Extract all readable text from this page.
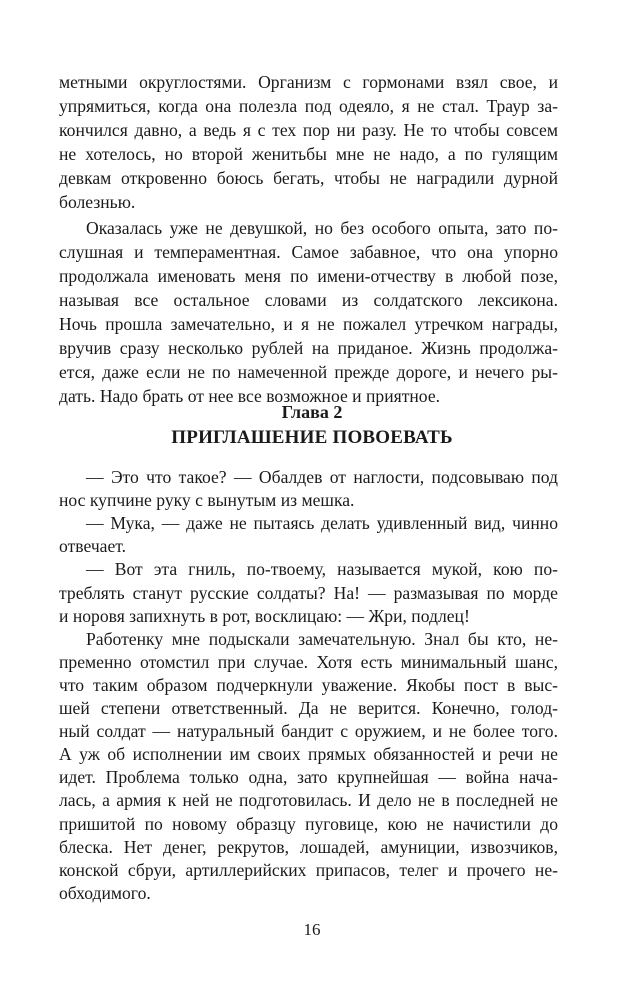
метными округлостями. Организм с гормонами взял свое, и
упрямиться, когда она полезла под одеяло, я не стал. Траур за-
кончился давно, а ведь я с тех пор ни разу. Не то чтобы совсем
не хотелось, но второй женитьбы мне не надо, а по гулящим
девкам откровенно боюсь бегать, чтобы не наградили дурной
болезнью.
Оказалась уже не девушкой, но без особого опыта, зато по-
слушная и темпераментная. Самое забавное, что она упорно
продолжала именовать меня по имени-отчеству в любой позе,
называя все остальное словами из солдатского лексикона.
Ночь прошла замечательно, и я не пожалел утречком награды,
вручив сразу несколько рублей на приданое. Жизнь продолжа-
ется, даже если не по намеченной прежде дороге, и нечего ры-
дать. Надо брать от нее все возможное и приятное.
Глава 2
ПРИГЛАШЕНИЕ ПОВОЕВАТЬ
— Это что такое? — Обалдев от наглости, подсовываю под
нос купчине руку с вынутым из мешка.
— Мука, — даже не пытаясь делать удивленный вид, чинно
отвечает.
— Вот эта гниль, по-твоему, называется мукой, кою по-
треблять станут русские солдаты? На! — размазывая по морде
и норовя запихнуть в рот, восклицаю: — Жри, подлец!
Работенку мне подыскали замечательную. Знал бы кто, не-
пременно отомстил при случае. Хотя есть минимальный шанс,
что таким образом подчеркнули уважение. Якобы пост в выс-
шей степени ответственный. Да не верится. Конечно, голод-
ный солдат — натуральный бандит с оружием, и не более того.
А уж об исполнении им своих прямых обязанностей и речи не
идет. Проблема только одна, зато крупнейшая — война нача-
лась, а армия к ней не подготовилась. И дело не в последней не
пришитой по новому образцу пуговице, кою не начистили до
блеска. Нет денег, рекрутов, лошадей, амуниции, извозчиков,
конской сбруи, артиллерийских припасов, телег и прочего не-
обходимого.
16
